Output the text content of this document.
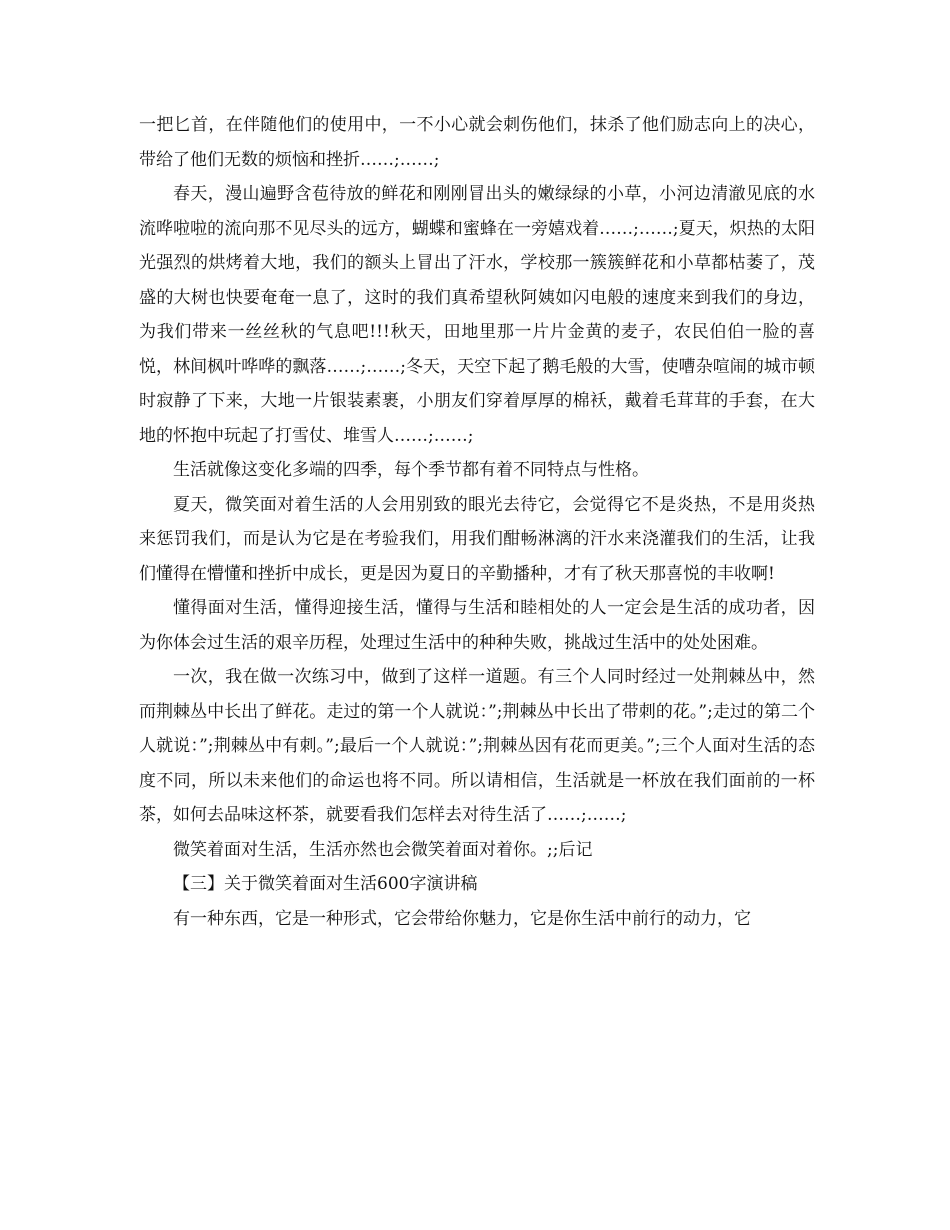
一把匕首，在伴随他们的使用中，一不小心就会刺伤他们，抹杀了他们励志向上的决心，带给了他们无数的烦恼和挫折……;……;

春天，漫山遍野含苞待放的鲜花和刚刚冒出头的嫩绿绿的小草，小河边清澈见底的水流哗啦啦的流向那不见尽头的远方，蝴蝶和蜜蜂在一旁嬉戏着……;……;夏天，炽热的太阳光强烈的烘烤着大地，我们的额头上冒出了汗水，学校那一簇簇鲜花和小草都枯萎了，茂盛的大树也快要奄奄一息了，这时的我们真希望秋阿姨如闪电般的速度来到我们的身边，为我们带来一丝丝秋的气息吧!!!秋天，田地里那一片片金黄的麦子，农民伯伯一脸的喜悦，林间枫叶哗哗的飘落……;……;冬天，天空下起了鹅毛般的大雪，使嘈杂喧闹的城市顿时寂静了下来，大地一片银装素裹，小朋友们穿着厚厚的棉袄，戴着毛茸茸的手套，在大地的怀抱中玩起了打雪仗、堆雪人……;……;

生活就像这变化多端的四季，每个季节都有着不同特点与性格。

夏天，微笑面对着生活的人会用别致的眼光去待它，会觉得它不是炎热，不是用炎热来惩罚我们，而是认为它是在考验我们，用我们酣畅淋漓的汗水来浇灌我们的生活，让我们懂得在懵懂和挫折中成长，更是因为夏日的辛勤播种，才有了秋天那喜悦的丰收啊!

懂得面对生活，懂得迎接生活，懂得与生活和睦相处的人一定会是生活的成功者，因为你体会过生活的艰辛历程，处理过生活中的种种失败，挑战过生活中的处处困难。

一次，我在做一次练习中，做到了这样一道题。有三个人同时经过一处荆棘丛中，然而荆棘丛中长出了鲜花。走过的第一个人就说：”;荆棘丛中长出了带刺的花。”;走过的第二个人就说：”;荆棘丛中有刺。”;最后一个人就说：”;荆棘丛因有花而更美。”;三个人面对生活的态度不同，所以未来他们的命运也将不同。所以请相信，生活就是一杯放在我们面前的一杯茶，如何去品味这杯茶，就要看我们怎样去对待生活了……;……;

微笑着面对生活，生活亦然也会微笑着面对着你。;;后记

【三】关于微笑着面对生活600字演讲稿

有一种东西，它是一种形式，它会带给你魅力，它是你生活中前行的动力，它
